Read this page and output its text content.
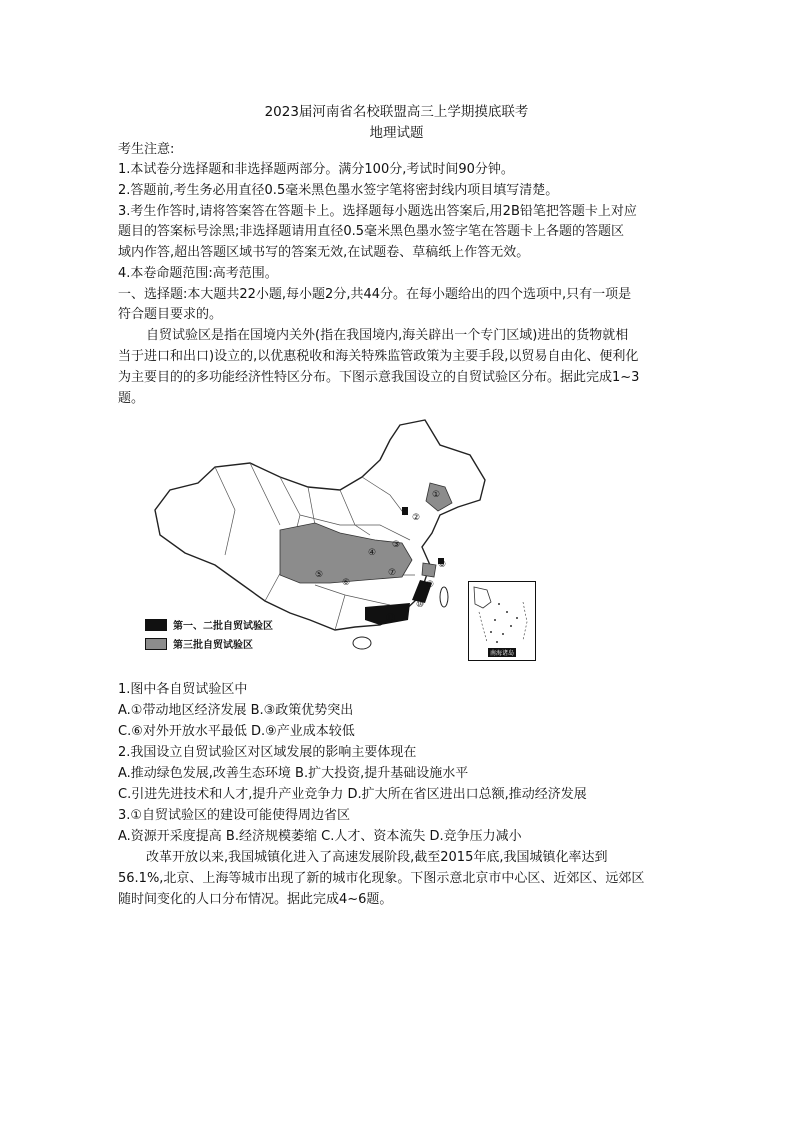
2023届河南省名校联盟高三上学期摸底联考
地理试题
考生注意:
1.本试卷分选择题和非选择题两部分。满分100分,考试时间90分钟。
2.答题前,考生务必用直径0.5毫米黑色墨水签字笔将密封线内项目填写清楚。
3.考生作答时,请将答案答在答题卡上。选择题每小题选出答案后,用2B铅笔把答题卡上对应
题目的答案标号涂黑;非选择题请用直径0.5毫米黑色墨水签字笔在答题卡上各题的答题区
域内作答,超出答题区域书写的答案无效,在试题卷、草稿纸上作答无效。
4.本卷命题范围:高考范围。
一、选择题:本大题共22小题,每小题2分,共44分。在每小题给出的四个选项中,只有一项是
符合题目要求的。
自贸试验区是指在国境内关外(指在我国境内,海关辟出一个专门区域)进出的货物就相
当于进口和出口)设立的,以优惠税收和海关特殊监管政策为主要手段,以贸易自由化、便利化
为主要目的的多功能经济性特区分布。下图示意我国设立的自贸试验区分布。据此完成1~3
题。
①
②
③
④
⑤
⑥
⑦
⑧
⑨
⑩
⑪
南海诸岛
第一、二批自贸试验区
第三批自贸试验区
1.图中各自贸试验区中
A.①带动地区经济发展 B.③政策优势突出
C.⑥对外开放水平最低 D.⑨产业成本较低
2.我国设立自贸试验区对区域发展的影响主要体现在
A.推动绿色发展,改善生态环境 B.扩大投资,提升基础设施水平
C.引进先进技术和人才,提升产业竞争力 D.扩大所在省区进出口总额,推动经济发展
3.①自贸试验区的建设可能使得周边省区
A.资源开采度提高 B.经济规模萎缩 C.人才、资本流失 D.竞争压力减小
改革开放以来,我国城镇化进入了高速发展阶段,截至2015年底,我国城镇化率达到
56.1%,北京、上海等城市出现了新的城市化现象。下图示意北京市中心区、近郊区、远郊区
随时间变化的人口分布情况。据此完成4~6题。
